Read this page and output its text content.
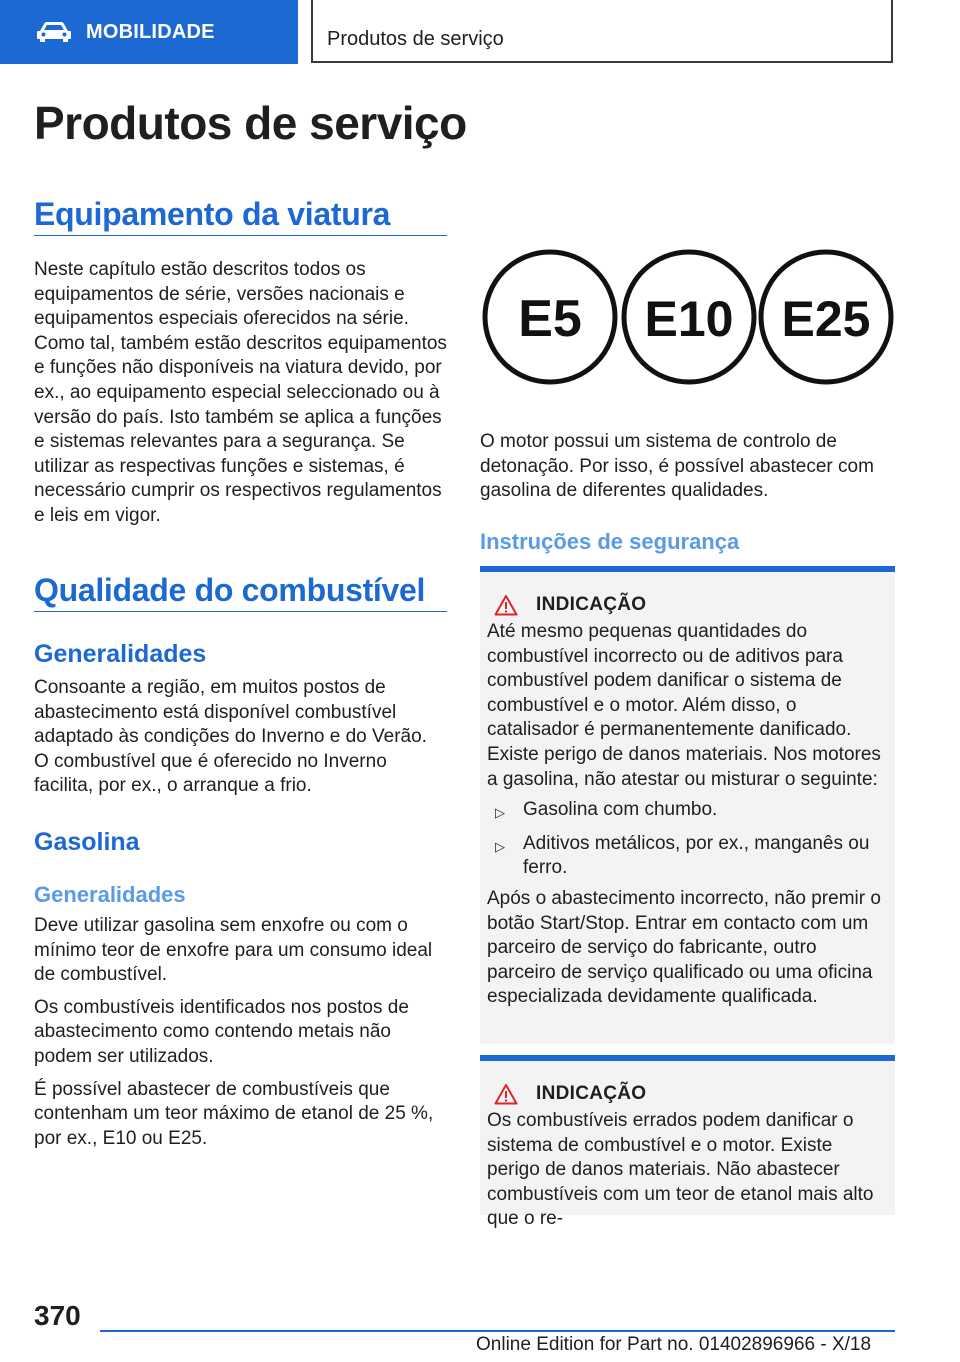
MOBILIDADE	Produtos de serviço
Produtos de serviço
Equipamento da viatura

Neste capítulo estão descritos todos os equipamentos de série, versões nacionais e equipamentos especiais oferecidos na série. Como tal, também estão descritos equipamentos e funções não disponíveis na viatura devido, por ex., ao equipamento especial seleccionado ou à versão do país. Isto também se aplica a funções e sistemas relevantes para a segurança. Se utilizar as respectivas funções e sistemas, é necessário cumprir os respectivos regulamentos e leis em vigor.

Qualidade do combustível
Generalidades

Consoante a região, em muitos postos de abastecimento está disponível combustível adaptado às condições do Inverno e do Verão. O combustível que é oferecido no Inverno facilita, por ex., o arranque a frio.

Gasolina
Generalidades

Deve utilizar gasolina sem enxofre ou com o mínimo teor de enxofre para um consumo ideal de combustível.

Os combustíveis identificados nos postos de abastecimento como contendo metais não podem ser utilizados.

É possível abastecer de combustíveis que contenham um teor máximo de etanol de 25 %, por ex., E10 ou E25.

E5 E10 E25

O motor possui um sistema de controlo de detonação. Por isso, é possível abastecer com gasolina de diferentes qualidades.

Instruções de segurança
INDICAÇÃO

Até mesmo pequenas quantidades do combustível incorrecto ou de aditivos para combustível podem danificar o sistema de combustível e o motor. Além disso, o catalisador é permanentemente danificado. Existe perigo de danos materiais. Nos motores a gasolina, não atestar ou misturar o seguinte:

▷ Gasolina com chumbo.
▷ Aditivos metálicos, por ex., manganês ou ferro.

Após o abastecimento incorrecto, não premir o botão Start/Stop. Entrar em contacto com um parceiro de serviço do fabricante, outro parceiro de serviço qualificado ou uma oficina especializada devidamente qualificada.

INDICAÇÃO

Os combustíveis errados podem danificar o sistema de combustível e o motor. Existe perigo de danos materiais. Não abastecer combustíveis com um teor de etanol mais alto que o re-

370
Online Edition for Part no. 01402896966 - X/18
